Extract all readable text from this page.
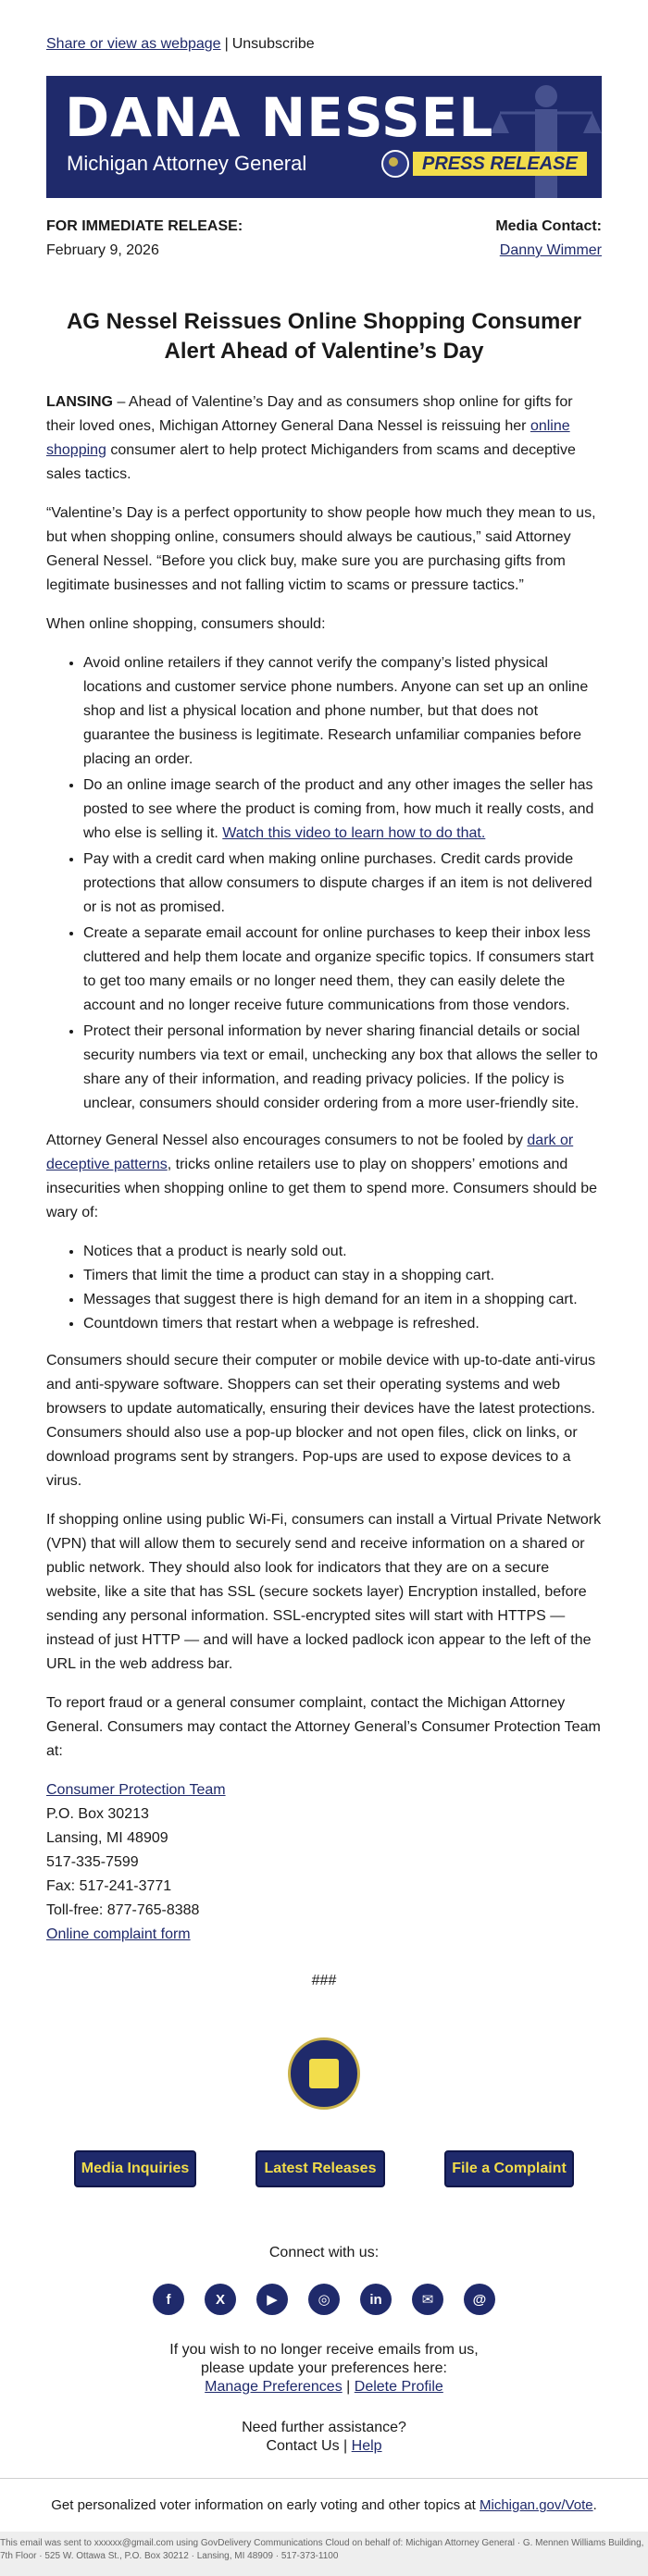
Share or view as webpage | Unsubscribe
DANA NESSEL
Michigan Attorney General	PRESS RELEASE
FOR IMMEDIATE RELEASE:
February 9, 2026
Media Contact:
Danny Wimmer
AG Nessel Reissues Online Shopping Consumer Alert Ahead of Valentine’s Day

LANSING – Ahead of Valentine’s Day and as consumers shop online for gifts for their loved ones, Michigan Attorney General Dana Nessel is reissuing her online shopping consumer alert to help protect Michiganders from scams and deceptive sales tactics.

“Valentine’s Day is a perfect opportunity to show people how much they mean to us, but when shopping online, consumers should always be cautious,” said Attorney General Nessel. “Before you click buy, make sure you are purchasing gifts from legitimate businesses and not falling victim to scams or pressure tactics.”

When online shopping, consumers should:

• Avoid online retailers if they cannot verify the company’s listed physical locations and customer service phone numbers. Anyone can set up an online shop and list a physical location and phone number, but that does not guarantee the business is legitimate. Research unfamiliar companies before placing an order.
• Do an online image search of the product and any other images the seller has posted to see where the product is coming from, how much it really costs, and who else is selling it. Watch this video to learn how to do that.
• Pay with a credit card when making online purchases. Credit cards provide protections that allow consumers to dispute charges if an item is not delivered or is not as promised.
• Create a separate email account for online purchases to keep their inbox less cluttered and help them locate and organize specific topics. If consumers start to get too many emails or no longer need them, they can easily delete the account and no longer receive future communications from those vendors.
• Protect their personal information by never sharing financial details or social security numbers via text or email, unchecking any box that allows the seller to share any of their information, and reading privacy policies. If the policy is unclear, consumers should consider ordering from a more user-friendly site.

Attorney General Nessel also encourages consumers to not be fooled by dark or deceptive patterns, tricks online retailers use to play on shoppers’ emotions and insecurities when shopping online to get them to spend more. Consumers should be wary of:

• Notices that a product is nearly sold out.
• Timers that limit the time a product can stay in a shopping cart.
• Messages that suggest there is high demand for an item in a shopping cart.
• Countdown timers that restart when a webpage is refreshed.

Consumers should secure their computer or mobile device with up-to-date anti-virus and anti-spyware software. Shoppers can set their operating systems and web browsers to update automatically, ensuring their devices have the latest protections. Consumers should also use a pop-up blocker and not open files, click on links, or download programs sent by strangers. Pop-ups are used to expose devices to a virus.

If shopping online using public Wi-Fi, consumers can install a Virtual Private Network (VPN) that will allow them to securely send and receive information on a shared or public network. They should also look for indicators that they are on a secure website, like a site that has SSL (secure sockets layer) Encryption installed, before sending any personal information. SSL-encrypted sites will start with HTTPS — instead of just HTTP — and will have a locked padlock icon appear to the left of the URL in the web address bar.

To report fraud or a general consumer complaint, contact the Michigan Attorney General. Consumers may contact the Attorney General’s Consumer Protection Team at:

Consumer Protection Team

P.O. Box 30213

Lansing, MI 48909

517-335-7599

Fax: 517-241-3771

Toll-free: 877-765-8388

Online complaint form

###
Media Inquiries	Latest Releases	File a Complaint
Connect with us:
f	X	▶	◎	in	✉	@
If you wish to no longer receive emails from us,
please update your preferences here:
Manage Preferences | Delete Profile
Need further assistance?
Contact Us | Help
Get personalized voter information on early voting and other topics at Michigan.gov/Vote.
This email was sent to xxxxxx@gmail.com using GovDelivery Communications Cloud on behalf of: Michigan Attorney General · G. Mennen Williams Building,
7th Floor · 525 W. Ottawa St., P.O. Box 30212 · Lansing, MI 48909 · 517-373-1100
